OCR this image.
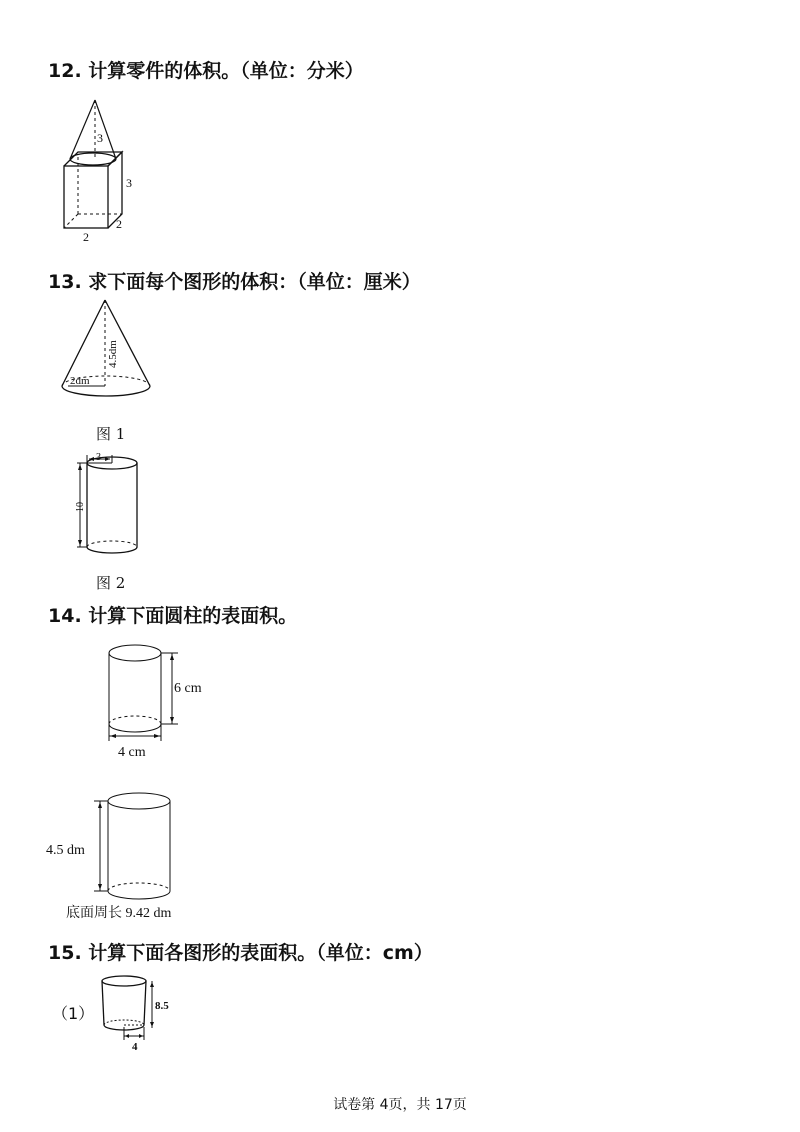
12. 计算零件的体积。（单位：分米）
3
3
2
2
13. 求下面每个图形的体积：（单位：厘米）
4.5dm
2dm
图 1
3
10
图 2
14. 计算下面圆柱的表面积。
6 cm
4 cm
4.5 dm
底面周长 9.42 dm
15. 计算下面各图形的表面积。（单位：cm）
（1）	8.5
4
试卷第 4页，共 17页
